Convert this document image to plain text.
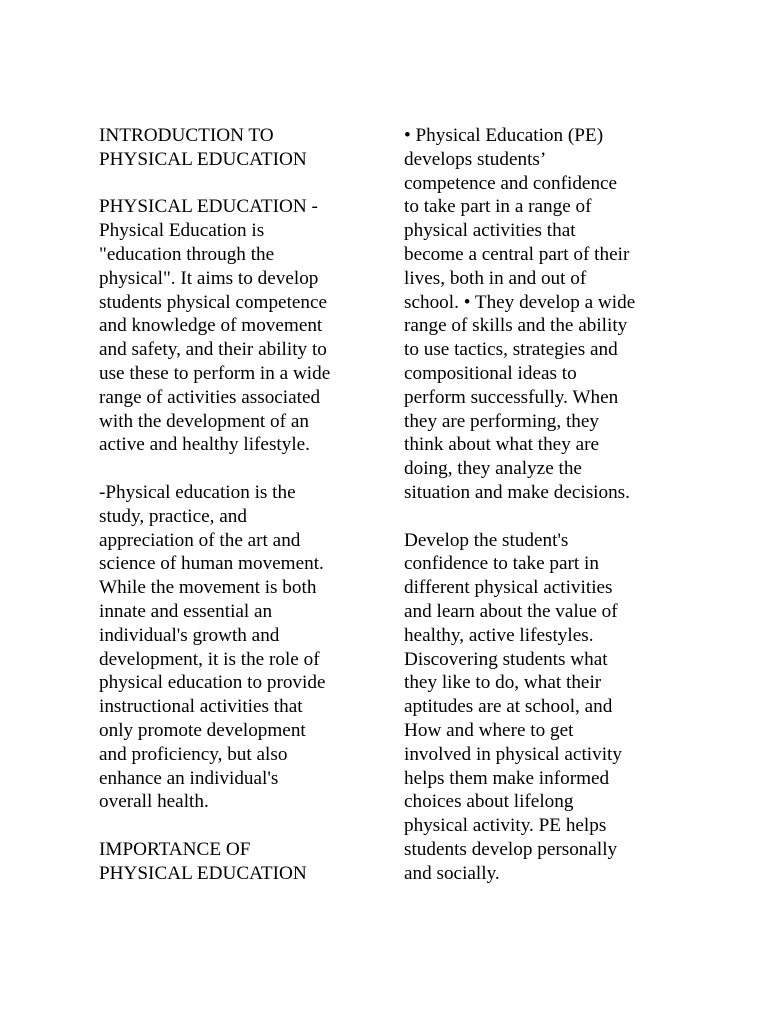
INTRODUCTION TO
PHYSICAL EDUCATION
PHYSICAL EDUCATION -
Physical Education is
"education through the
physical". It aims to develop
students physical competence
and knowledge of movement
and safety, and their ability to
use these to perform in a wide
range of activities associated
with the development of an
active and healthy lifestyle.
-Physical education is the
study, practice, and
appreciation of the art and
science of human movement.
While the movement is both
innate and essential an
individual's growth and
development, it is the role of
physical education to provide
instructional activities that
only promote development
and proficiency, but also
enhance an individual's
overall health.
IMPORTANCE OF
PHYSICAL EDUCATION
• Physical Education (PE)
develops students’
competence and confidence
to take part in a range of
physical activities that
become a central part of their
lives, both in and out of
school. • They develop a wide
range of skills and the ability
to use tactics, strategies and
compositional ideas to
perform successfully. When
they are performing, they
think about what they are
doing, they analyze the
situation and make decisions.
Develop the student's
confidence to take part in
different physical activities
and learn about the value of
healthy, active lifestyles.
Discovering students what
they like to do, what their
aptitudes are at school, and
How and where to get
involved in physical activity
helps them make informed
choices about lifelong
physical activity. PE helps
students develop personally
and socially.
